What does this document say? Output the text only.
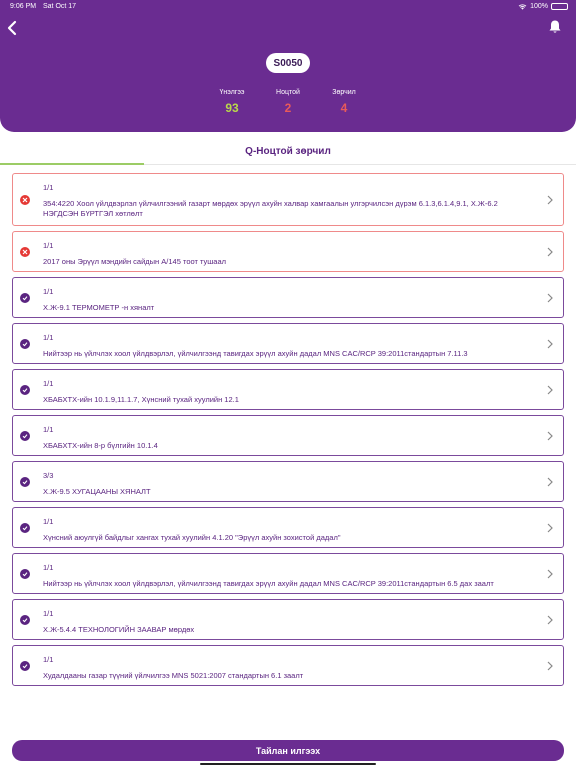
9:06 PM Sat Oct 17	100%
S0050
Үнэлгээ
93
Ноцтой
2
Зөрчил
4
Q-Ноцтой зөрчил
1/1
354:4220 Хоол үйлдвэрлэл үйлчилгээний газарт мөрдөх эрүүл ахуйн халвар хамгаалын улгэрчилсэн дүрэм 6.1.3,6.1.4,9.1, Х.Ж-6.2 НЭГДСЭН БҮРТГЭЛ хөтлөлт
1/1
2017 оны Эрүүл мэндийн сайдын А/145 тоот тушаал
1/1
Х.Ж-9.1 ТЕРМОМЕТР -н хяналт
1/1
Нийтээр нь үйлчлэх хоол үйлдвэрлэл, үйлчилгээнд тавигдах эрүүл ахуйн дадал MNS CAC/RCP 39:2011стандартын 7.11.3
1/1
ХБАБХТХ-ийн 10.1.9,11.1.7, Хүнсний тухай хуулийн 12.1
1/1
ХБАБХТХ-ийн 8-р бүлгийн 10.1.4
3/3
Х.Ж-9.5 ХУГАЦААНЫ ХЯНАЛТ
1/1
Хүнсний аюулгүй байдлыг хангах тухай хуулийн 4.1.20 "Эрүүл ахуйн зохистой дадал"
1/1
Нийтээр нь үйлчлэх хоол үйлдвэрлэл, үйлчилгээнд тавигдах эрүүл ахуйн дадал MNS CAC/RCP 39:2011стандартын 6.5 дах заалт
1/1
Х.Ж-5.4.4 ТЕХНОЛОГИЙН ЗААВАР мөрдөх
1/1
Худалдааны газар түүний үйлчилгээ MNS 5021:2007 стандартын 6.1 заалт
Тайлан илгээх
